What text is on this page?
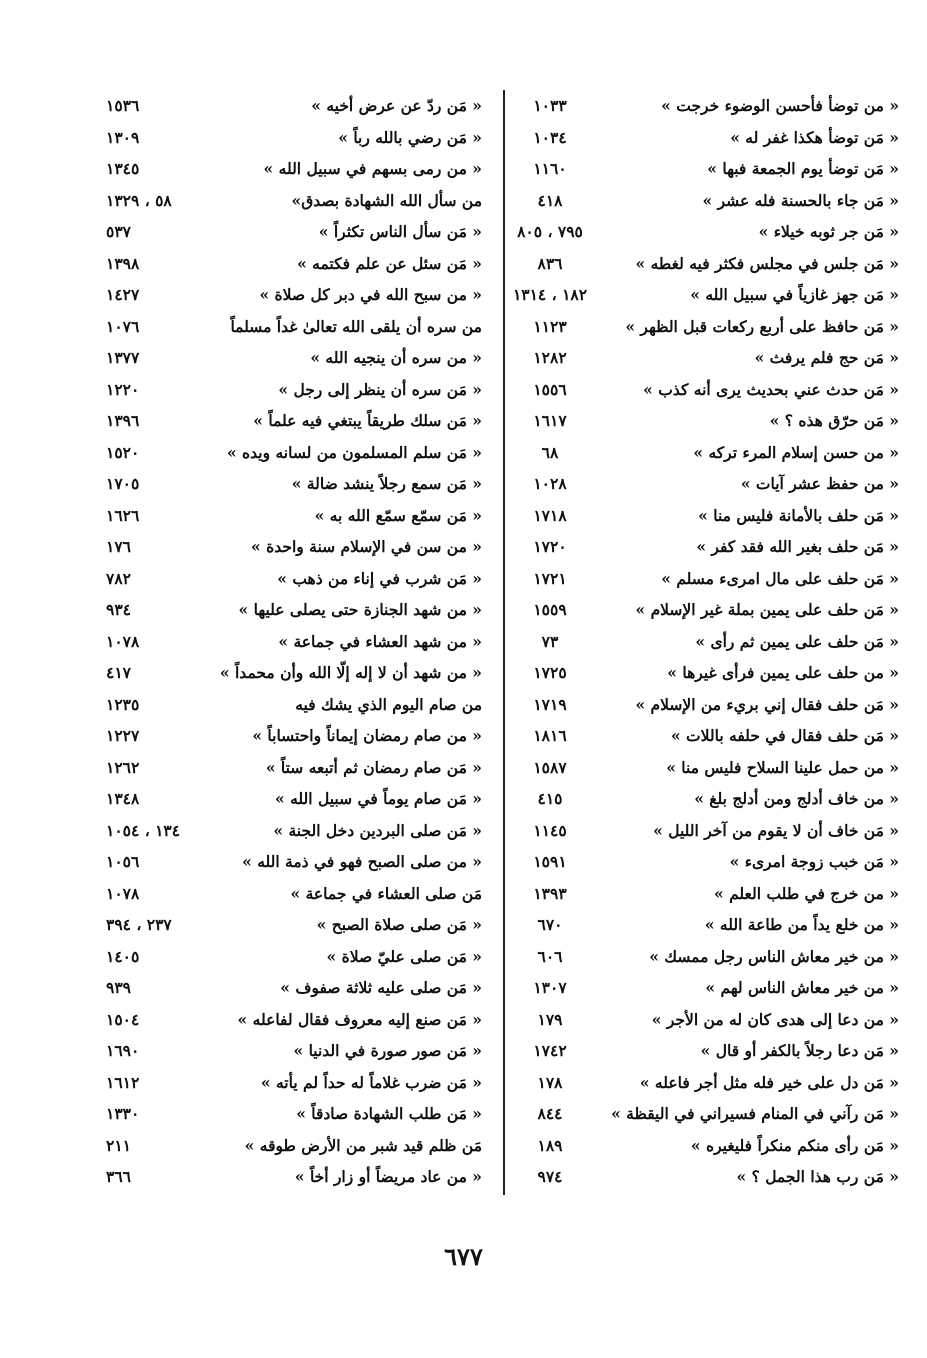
« من توضأ فأحسن الوضوء خرجت »
١٠٣٣
« مَن توضأ هكذا غفر له »
١٠٣٤
« مَن توضأ يوم الجمعة فبها »
١١٦٠
« مَن جاء بالحسنة فله عشر »
٤١٨
« مَن جر ثوبه خيلاء »
٧٩٥ ، ٨٠٥
« مَن جلس في مجلس فكثر فيه لغطه »
٨٣٦
« مَن جهز غازياً في سبيل الله »
١٨٢ ، ١٣١٤
« مَن حافظ على أربع ركعات قبل الظهر »
١١٢٣
« مَن حج فلم يرفث »
١٢٨٢
« مَن حدث عني بحديث يرى أنه كذب »
١٥٥٦
« مَن حرّق هذه ؟ »
١٦١٧
« من حسن إسلام المرء تركه »
٦٨
« من حفظ عشر آيات »
١٠٢٨
« مَن حلف بالأمانة فليس منا »
١٧١٨
« مَن حلف بغير الله فقد كفر »
١٧٢٠
« مَن حلف على مال امرىء مسلم »
١٧٢١
« مَن حلف على يمين بملة غير الإسلام »
١٥٥٩
« مَن حلف على يمين ثم رأى »
٧٣
« من حلف على يمين فرأى غيرها »
١٧٢٥
« مَن حلف فقال إني بريء من الإسلام »
١٧١٩
« مَن حلف فقال في حلفه باللات »
١٨١٦
« من حمل علينا السلاح فليس منا »
١٥٨٧
« من خاف أدلج ومن أدلج بلغ »
٤١٥
« مَن خاف أن لا يقوم من آخر الليل »
١١٤٥
« مَن خبب زوجة امرىء »
١٥٩١
« من خرج في طلب العلم »
١٣٩٣
« من خلع يداً من طاعة الله »
٦٧٠
« من خير معاش الناس رجل ممسك »
٦٠٦
« من خير معاش الناس لهم »
١٣٠٧
« من دعا إلى هدى كان له من الأجر »
١٧٩
« مَن دعا رجلاً بالكفر أو قال »
١٧٤٢
« مَن دل على خير فله مثل أجر فاعله »
١٧٨
« مَن رآني في المنام فسيراني في اليقظة »
٨٤٤
« مَن رأى منكم منكراً فليغيره »
١٨٩
« مَن رب هذا الجمل ؟ »
٩٧٤
« مَن ردّ عن عرض أخيه »
١٥٣٦
« مَن رضي بالله رباً »
١٣٠٩
« من رمى بسهم في سبيل الله »
١٣٤٥
من سأل الله الشهادة بصدق»
٥٨ ، ١٣٢٩
« مَن سأل الناس تكثراً »
٥٣٧
« مَن سئل عن علم فكتمه »
١٣٩٨
« من سبح الله في دبر كل صلاة »
١٤٢٧
من سره أن يلقى الله تعالىٰ غداً مسلماً
١٠٧٦
« من سره أن ينجيه الله »
١٣٧٧
« مَن سره أن ينظر إلى رجل »
١٢٢٠
« مَن سلك طريقاً يبتغي فيه علماً »
١٣٩٦
« مَن سلم المسلمون من لسانه ويده »
١٥٢٠
« مَن سمع رجلاً ينشد ضالة »
١٧٠٥
« مَن سمّع سمّع الله به »
١٦٢٦
« من سن في الإسلام سنة واحدة »
١٧٦
« مَن شرب في إناء من ذهب »
٧٨٢
« من شهد الجنازة حتى يصلى عليها »
٩٣٤
« من شهد العشاء في جماعة »
١٠٧٨
« من شهد أن لا إله إلّا الله وأن محمداً »
٤١٧
من صام اليوم الذي يشك فيه
١٢٣٥
« من صام رمضان إيماناً واحتساباً »
١٢٢٧
« مَن صام رمضان ثم أتبعه ستاً »
١٢٦٢
« مَن صام يوماً في سبيل الله »
١٣٤٨
« مَن صلى البردين دخل الجنة »
١٣٤ ، ١٠٥٤
« من صلى الصبح فهو في ذمة الله »
١٠٥٦
مَن صلى العشاء في جماعة »
١٠٧٨
« مَن صلى صلاة الصبح »
٢٣٧ ، ٣٩٤
« مَن صلى عليّ صلاة »
١٤٠٥
« مَن صلى عليه ثلاثة صفوف »
٩٣٩
« مَن صنع إليه معروف فقال لفاعله »
١٥٠٤
« مَن صور صورة في الدنيا »
١٦٩٠
« مَن ضرب غلاماً له حداً لم يأته »
١٦١٢
« مَن طلب الشهادة صادقاً »
١٣٣٠
مَن ظلم قيد شبر من الأرض طوقه »
٢١١
« من عاد مريضاً أو زار أخاً »
٣٦٦
٦٧٧
